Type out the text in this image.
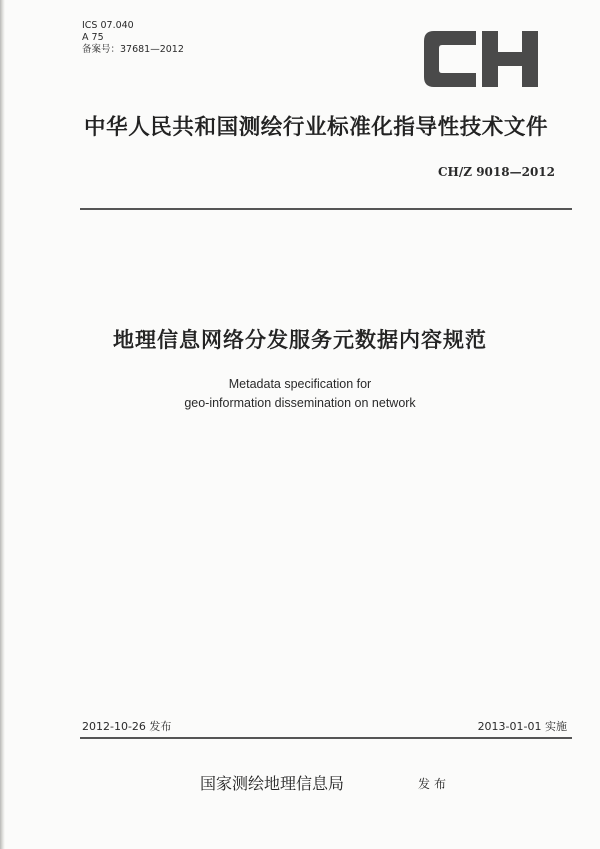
ICS 07.040
A 75
备案号：37681—2012
中华人民共和国测绘行业标准化指导性技术文件
CH/Z 9018—2012
地理信息网络分发服务元数据内容规范
Metadata specification for
geo-information dissemination on network
2012-10-26 发布	2013-01-01 实施
国家测绘地理信息局	发布
